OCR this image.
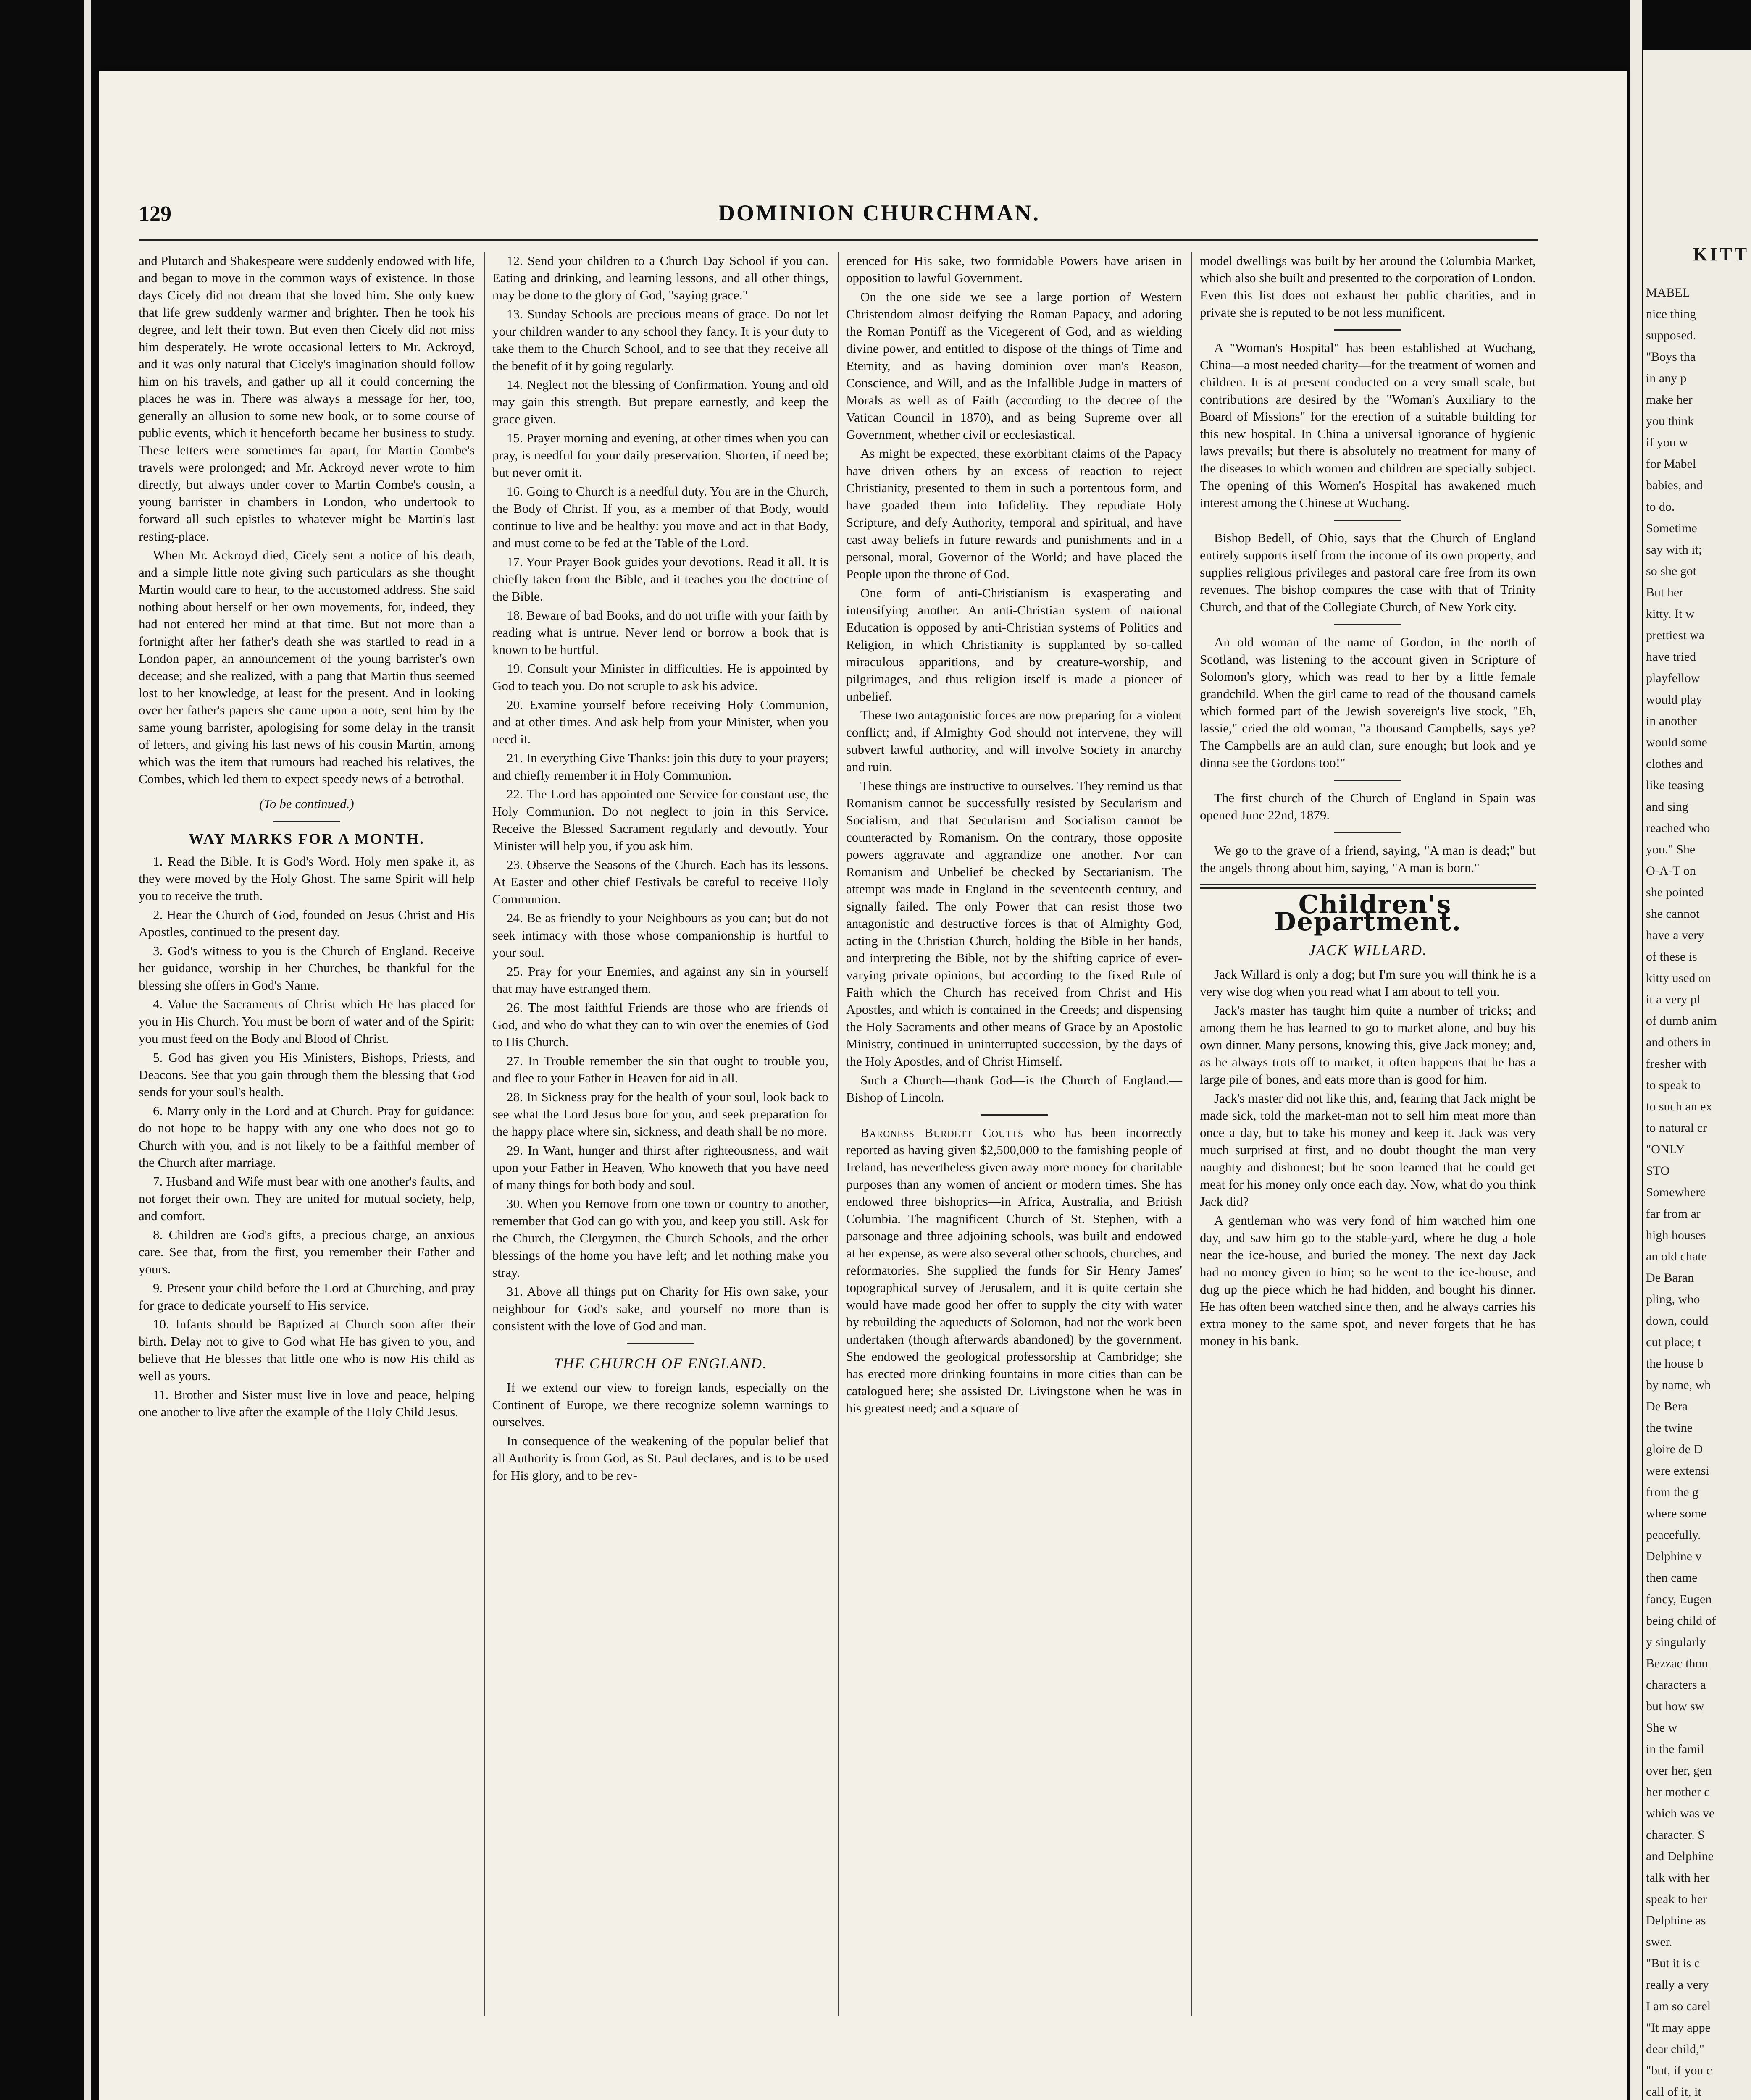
KITT
MABEL
nice thing
supposed.
"Boys tha
in any p
make her
you think
if you w
for Mabel
babies, and
to do.
Sometime
say with it;
so she got
But her
kitty. It w
prettiest wa
have tried
playfellow
would play
in another
would some
clothes and
like teasing
and sing
reached who
you." She
O-A-T on
she pointed
she cannot
have a very
of these is
kitty used on
it a very pl
of dumb anim
and others in
fresher with
to speak to
to such an ex
to natural cr
"ONLY
STO
Somewhere
far from ar
high houses
an old chate
De Baran
pling, who
down, could
cut place; t
the house b
by name, wh
De Bera
the twine
gloire de D
were extensi
from the g
where some
peacefully.
Delphine v
then came
fancy, Eugen
being child of
y singularly
Bezzac thou
characters a
but how sw
She w
in the famil
over her, gen
her mother c
which was ve
character. S
and Delphine
talk with her
speak to her
Delphine as
swer.
"But it is c
really a very
I am so carel
"It may appe
dear child,"
"but, if you c
call of it, it
129	DOMINION CHURCHMAN.

and Plutarch and Shakespeare were suddenly endowed with life, and began to move in the common ways of existence. In those days Cicely did not dream that she loved him. She only knew that life grew suddenly warmer and brighter. Then he took his degree, and left their town. But even then Cicely did not miss him desperately. He wrote occasional letters to Mr. Ackroyd, and it was only natural that Cicely's imagination should follow him on his travels, and gather up all it could concerning the places he was in. There was always a message for her, too, generally an allusion to some new book, or to some course of public events, which it henceforth became her business to study. These letters were sometimes far apart, for Martin Combe's travels were prolonged; and Mr. Ackroyd never wrote to him directly, but always under cover to Martin Combe's cousin, a young barrister in chambers in London, who undertook to forward all such epistles to whatever might be Martin's last resting-place.

When Mr. Ackroyd died, Cicely sent a notice of his death, and a simple little note giving such particulars as she thought Martin would care to hear, to the accustomed address. She said nothing about herself or her own movements, for, indeed, they had not entered her mind at that time. But not more than a fortnight after her father's death she was startled to read in a London paper, an announcement of the young barrister's own decease; and she realized, with a pang that Martin thus seemed lost to her knowledge, at least for the present. And in looking over her father's papers she came upon a note, sent him by the same young barrister, apologising for some delay in the transit of letters, and giving his last news of his cousin Martin, among which was the item that rumours had reached his relatives, the Combes, which led them to expect speedy news of a betrothal.

(To be continued.)

WAY MARKS FOR A MONTH.

1. Read the Bible. It is God's Word. Holy men spake it, as they were moved by the Holy Ghost. The same Spirit will help you to receive the truth.

2. Hear the Church of God, founded on Jesus Christ and His Apostles, continued to the present day.

3. God's witness to you is the Church of England. Receive her guidance, worship in her Churches, be thankful for the blessing she offers in God's Name.

4. Value the Sacraments of Christ which He has placed for you in His Church. You must be born of water and of the Spirit: you must feed on the Body and Blood of Christ.

5. God has given you His Ministers, Bishops, Priests, and Deacons. See that you gain through them the blessing that God sends for your soul's health.

6. Marry only in the Lord and at Church. Pray for guidance: do not hope to be happy with any one who does not go to Church with you, and is not likely to be a faithful member of the Church after marriage.

7. Husband and Wife must bear with one another's faults, and not forget their own. They are united for mutual society, help, and comfort.

8. Children are God's gifts, a precious charge, an anxious care. See that, from the first, you remember their Father and yours.

9. Present your child before the Lord at Churching, and pray for grace to dedicate yourself to His service.

10. Infants should be Baptized at Church soon after their birth. Delay not to give to God what He has given to you, and believe that He blesses that little one who is now His child as well as yours.

11. Brother and Sister must live in love and peace, helping one another to live after the example of the Holy Child Jesus.

12. Send your children to a Church Day School if you can. Eating and drinking, and learning lessons, and all other things, may be done to the glory of God, "saying grace."

13. Sunday Schools are precious means of grace. Do not let your children wander to any school they fancy. It is your duty to take them to the Church School, and to see that they receive all the benefit of it by going regularly.

14. Neglect not the blessing of Confirmation. Young and old may gain this strength. But prepare earnestly, and keep the grace given.

15. Prayer morning and evening, at other times when you can pray, is needful for your daily preservation. Shorten, if need be; but never omit it.

16. Going to Church is a needful duty. You are in the Church, the Body of Christ. If you, as a member of that Body, would continue to live and be healthy: you move and act in that Body, and must come to be fed at the Table of the Lord.

17. Your Prayer Book guides your devotions. Read it all. It is chiefly taken from the Bible, and it teaches you the doctrine of the Bible.

18. Beware of bad Books, and do not trifle with your faith by reading what is untrue. Never lend or borrow a book that is known to be hurtful.

19. Consult your Minister in difficulties. He is appointed by God to teach you. Do not scruple to ask his advice.

20. Examine yourself before receiving Holy Communion, and at other times. And ask help from your Minister, when you need it.

21. In everything Give Thanks: join this duty to your prayers; and chiefly remember it in Holy Communion.

22. The Lord has appointed one Service for constant use, the Holy Communion. Do not neglect to join in this Service. Receive the Blessed Sacrament regularly and devoutly. Your Minister will help you, if you ask him.

23. Observe the Seasons of the Church. Each has its lessons. At Easter and other chief Festivals be careful to receive Holy Communion.

24. Be as friendly to your Neighbours as you can; but do not seek intimacy with those whose companionship is hurtful to your soul.

25. Pray for your Enemies, and against any sin in yourself that may have estranged them.

26. The most faithful Friends are those who are friends of God, and who do what they can to win over the enemies of God to His Church.

27. In Trouble remember the sin that ought to trouble you, and flee to your Father in Heaven for aid in all.

28. In Sickness pray for the health of your soul, look back to see what the Lord Jesus bore for you, and seek preparation for the happy place where sin, sickness, and death shall be no more.

29. In Want, hunger and thirst after righteousness, and wait upon your Father in Heaven, Who knoweth that you have need of many things for both body and soul.

30. When you Remove from one town or country to another, remember that God can go with you, and keep you still. Ask for the Church, the Clergymen, the Church Schools, and the other blessings of the home you have left; and let nothing make you stray.

31. Above all things put on Charity for His own sake, your neighbour for God's sake, and yourself no more than is consistent with the love of God and man.

THE CHURCH OF ENGLAND.

If we extend our view to foreign lands, especially on the Continent of Europe, we there recognize solemn warnings to ourselves.

In consequence of the weakening of the popular belief that all Authority is from God, as St. Paul declares, and is to be used for His glory, and to be rev-

erenced for His sake, two formidable Powers have arisen in opposition to lawful Government.

On the one side we see a large portion of Western Christendom almost deifying the Roman Papacy, and adoring the Roman Pontiff as the Vicegerent of God, and as wielding divine power, and entitled to dispose of the things of Time and Eternity, and as having dominion over man's Reason, Conscience, and Will, and as the Infallible Judge in matters of Morals as well as of Faith (according to the decree of the Vatican Council in 1870), and as being Supreme over all Government, whether civil or ecclesiastical.

As might be expected, these exorbitant claims of the Papacy have driven others by an excess of reaction to reject Christianity, presented to them in such a portentous form, and have goaded them into Infidelity. They repudiate Holy Scripture, and defy Authority, temporal and spiritual, and have cast away beliefs in future rewards and punishments and in a personal, moral, Governor of the World; and have placed the People upon the throne of God.

One form of anti-Christianism is exasperating and intensifying another. An anti-Christian system of national Education is opposed by anti-Christian systems of Politics and Religion, in which Christianity is supplanted by so-called miraculous apparitions, and by creature-worship, and pilgrimages, and thus religion itself is made a pioneer of unbelief.

These two antagonistic forces are now preparing for a violent conflict; and, if Almighty God should not intervene, they will subvert lawful authority, and will involve Society in anarchy and ruin.

These things are instructive to ourselves. They remind us that Romanism cannot be successfully resisted by Secularism and Socialism, and that Secularism and Socialism cannot be counteracted by Romanism. On the contrary, those opposite powers aggravate and aggrandize one another. Nor can Romanism and Unbelief be checked by Sectarianism. The attempt was made in England in the seventeenth century, and signally failed. The only Power that can resist those two antagonistic and destructive forces is that of Almighty God, acting in the Christian Church, holding the Bible in her hands, and interpreting the Bible, not by the shifting caprice of ever-varying private opinions, but according to the fixed Rule of Faith which the Church has received from Christ and His Apostles, and which is contained in the Creeds; and dispensing the Holy Sacraments and other means of Grace by an Apostolic Ministry, continued in uninterrupted succession, by the days of the Holy Apostles, and of Christ Himself.

Such a Church—thank God—is the Church of England.—Bishop of Lincoln.

Baroness Burdett Coutts who has been incorrectly reported as having given $2,500,000 to the famishing people of Ireland, has nevertheless given away more money for charitable purposes than any women of ancient or modern times. She has endowed three bishoprics—in Africa, Australia, and British Columbia. The magnificent Church of St. Stephen, with a parsonage and three adjoining schools, was built and endowed at her expense, as were also several other schools, churches, and reformatories. She supplied the funds for Sir Henry James' topographical survey of Jerusalem, and it is quite certain she would have made good her offer to supply the city with water by rebuilding the aqueducts of Solomon, had not the work been undertaken (though afterwards abandoned) by the government. She endowed the geological professorship at Cambridge; she has erected more drinking fountains in more cities than can be catalogued here; she assisted Dr. Livingstone when he was in his greatest need; and a square of

model dwellings was built by her around the Columbia Market, which also she built and presented to the corporation of London. Even this list does not exhaust her public charities, and in private she is reputed to be not less munificent.

A "Woman's Hospital" has been established at Wuchang, China—a most needed charity—for the treatment of women and children. It is at present conducted on a very small scale, but contributions are desired by the "Woman's Auxiliary to the Board of Missions" for the erection of a suitable building for this new hospital. In China a universal ignorance of hygienic laws prevails; but there is absolutely no treatment for many of the diseases to which women and children are specially subject. The opening of this Women's Hospital has awakened much interest among the Chinese at Wuchang.

Bishop Bedell, of Ohio, says that the Church of England entirely supports itself from the income of its own property, and supplies religious privileges and pastoral care free from its own revenues. The bishop compares the case with that of Trinity Church, and that of the Collegiate Church, of New York city.

An old woman of the name of Gordon, in the north of Scotland, was listening to the account given in Scripture of Solomon's glory, which was read to her by a little female grandchild. When the girl came to read of the thousand camels which formed part of the Jewish sovereign's live stock, "Eh, lassie," cried the old woman, "a thousand Campbells, says ye? The Campbells are an auld clan, sure enough; but look and ye dinna see the Gordons too!"

The first church of the Church of England in Spain was opened June 22nd, 1879.

We go to the grave of a friend, saying, "A man is dead;" but the angels throng about him, saying, "A man is born."

Children's Department.

JACK WILLARD.

Jack Willard is only a dog; but I'm sure you will think he is a very wise dog when you read what I am about to tell you.

Jack's master has taught him quite a number of tricks; and among them he has learned to go to market alone, and buy his own dinner. Many persons, knowing this, give Jack money; and, as he always trots off to market, it often happens that he has a large pile of bones, and eats more than is good for him.

Jack's master did not like this, and, fearing that Jack might be made sick, told the market-man not to sell him meat more than once a day, but to take his money and keep it. Jack was very much surprised at first, and no doubt thought the man very naughty and dishonest; but he soon learned that he could get meat for his money only once each day. Now, what do you think Jack did?

A gentleman who was very fond of him watched him one day, and saw him go to the stable-yard, where he dug a hole near the ice-house, and buried the money. The next day Jack had no money given to him; so he went to the ice-house, and dug up the piece which he had hidden, and bought his dinner. He has often been watched since then, and he always carries his extra money to the same spot, and never forgets that he has money in his bank.
